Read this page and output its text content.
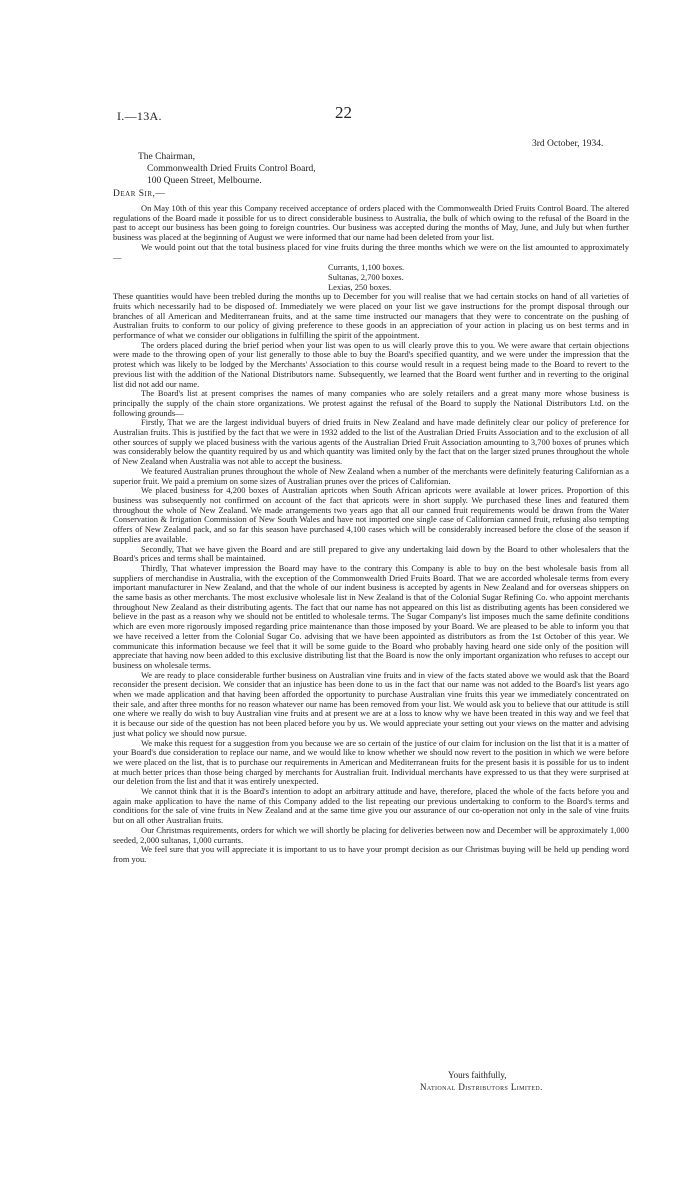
I.—13A.	22
3rd October, 1934.
The Chairman,
Commonwealth Dried Fruits Control Board,
100 Queen Street, Melbourne.
Dear Sir,—

On May 10th of this year this Company received acceptance of orders placed with the Commonwealth Dried Fruits Control Board. The altered regulations of the Board made it possible for us to direct considerable business to Australia, the bulk of which owing to the refusal of the Board in the past to accept our business has been going to foreign countries. Our business was accepted during the months of May, June, and July but when further business was placed at the beginning of August we were informed that our name had been deleted from your list.

We would point out that the total business placed for vine fruits during the three months which we were on the list amounted to approximately—

Currants, 1,100 boxes.
Sultanas, 2,700 boxes.
Lexias, 250 boxes.

These quantities would have been trebled during the months up to December for you will realise that we had certain stocks on hand of all varieties of fruits which necessarily had to be disposed of. Immediately we were placed on your list we gave instructions for the prompt disposal through our branches of all American and Mediterranean fruits, and at the same time instructed our managers that they were to concentrate on the pushing of Australian fruits to conform to our policy of giving preference to these goods in an appreciation of your action in placing us on best terms and in performance of what we consider our obligations in fulfilling the spirit of the appointment.

The orders placed during the brief period when your list was open to us will clearly prove this to you. We were aware that certain objections were made to the throwing open of your list generally to those able to buy the Board's specified quantity, and we were under the impression that the protest which was likely to be lodged by the Merchants' Association to this course would result in a request being made to the Board to revert to the previous list with the addition of the National Distributors name. Subsequently, we learned that the Board went further and in reverting to the original list did not add our name.

The Board's list at present comprises the names of many companies who are solely retailers and a great many more whose business is principally the supply of the chain store organizations. We protest against the refusal of the Board to supply the National Distributors Ltd. on the following grounds—

Firstly, That we are the largest individual buyers of dried fruits in New Zealand and have made definitely clear our policy of preference for Australian fruits. This is justified by the fact that we were in 1932 added to the list of the Australian Dried Fruits Association and to the exclusion of all other sources of supply we placed business with the various agents of the Australian Dried Fruit Association amounting to 3,700 boxes of prunes which was considerably below the quantity required by us and which quantity was limited only by the fact that on the larger sized prunes throughout the whole of New Zealand when Australia was not able to accept the business.

We featured Australian prunes throughout the whole of New Zealand when a number of the merchants were definitely featuring Californian as a superior fruit. We paid a premium on some sizes of Australian prunes over the prices of Californian.

We placed business for 4,200 boxes of Australian apricots when South African apricots were available at lower prices. Proportion of this business was subsequently not confirmed on account of the fact that apricots were in short supply. We purchased these lines and featured them throughout the whole of New Zealand. We made arrangements two years ago that all our canned fruit requirements would be drawn from the Water Conservation & Irrigation Commission of New South Wales and have not imported one single case of Californian canned fruit, refusing also tempting offers of New Zealand pack, and so far this season have purchased 4,100 cases which will be considerably increased before the close of the season if supplies are available.

Secondly, That we have given the Board and are still prepared to give any undertaking laid down by the Board to other wholesalers that the Board's prices and terms shall be maintained.

Thirdly, That whatever impression the Board may have to the contrary this Company is able to buy on the best wholesale basis from all suppliers of merchandise in Australia, with the exception of the Commonwealth Dried Fruits Board. That we are accorded wholesale terms from every important manufacturer in New Zealand, and that the whole of our indent business is accepted by agents in New Zealand and for overseas shippers on the same basis as other merchants. The most exclusive wholesale list in New Zealand is that of the Colonial Sugar Refining Co. who appoint merchants throughout New Zealand as their distributing agents. The fact that our name has not appeared on this list as distributing agents has been considered we believe in the past as a reason why we should not be entitled to wholesale terms. The Sugar Company's list imposes much the same definite conditions which are even more rigorously imposed regarding price maintenance than those imposed by your Board. We are pleased to be able to inform you that we have received a letter from the Colonial Sugar Co. advising that we have been appointed as distributors as from the 1st October of this year. We communicate this information because we feel that it will be some guide to the Board who probably having heard one side only of the position will appreciate that having now been added to this exclusive distributing list that the Board is now the only important organization who refuses to accept our business on wholesale terms.

We are ready to place considerable further business on Australian vine fruits and in view of the facts stated above we would ask that the Board reconsider the present decision. We consider that an injustice has been done to us in the fact that our name was not added to the Board's list years ago when we made application and that having been afforded the opportunity to purchase Australian vine fruits this year we immediately concentrated on their sale, and after three months for no reason whatever our name has been removed from your list. We would ask you to believe that our attitude is still one where we really do wish to buy Australian vine fruits and at present we are at a loss to know why we have been treated in this way and we feel that it is because our side of the question has not been placed before you by us. We would appreciate your setting out your views on the matter and advising just what policy we should now pursue.

We make this request for a suggestion from you because we are so certain of the justice of our claim for inclusion on the list that it is a matter of your Board's due consideration to replace our name, and we would like to know whether we should now revert to the position in which we were before we were placed on the list, that is to purchase our requirements in American and Mediterranean fruits for the present basis it is possible for us to indent at much better prices than those being charged by merchants for Australian fruit. Individual merchants have expressed to us that they were surprised at our deletion from the list and that it was entirely unexpected.

We cannot think that it is the Board's intention to adopt an arbitrary attitude and have, therefore, placed the whole of the facts before you and again make application to have the name of this Company added to the list repeating our previous undertaking to conform to the Board's terms and conditions for the sale of vine fruits in New Zealand and at the same time give you our assurance of our co-operation not only in the sale of vine fruits but on all other Australian fruits.

Our Christmas requirements, orders for which we will shortly be placing for deliveries between now and December will be approximately 1,000 seeded, 2,000 sultanas, 1,000 currants.

We feel sure that you will appreciate it is important to us to have your prompt decision as our Christmas buying will be held up pending word from you.

Yours faithfully,
National Distributors Limited.
